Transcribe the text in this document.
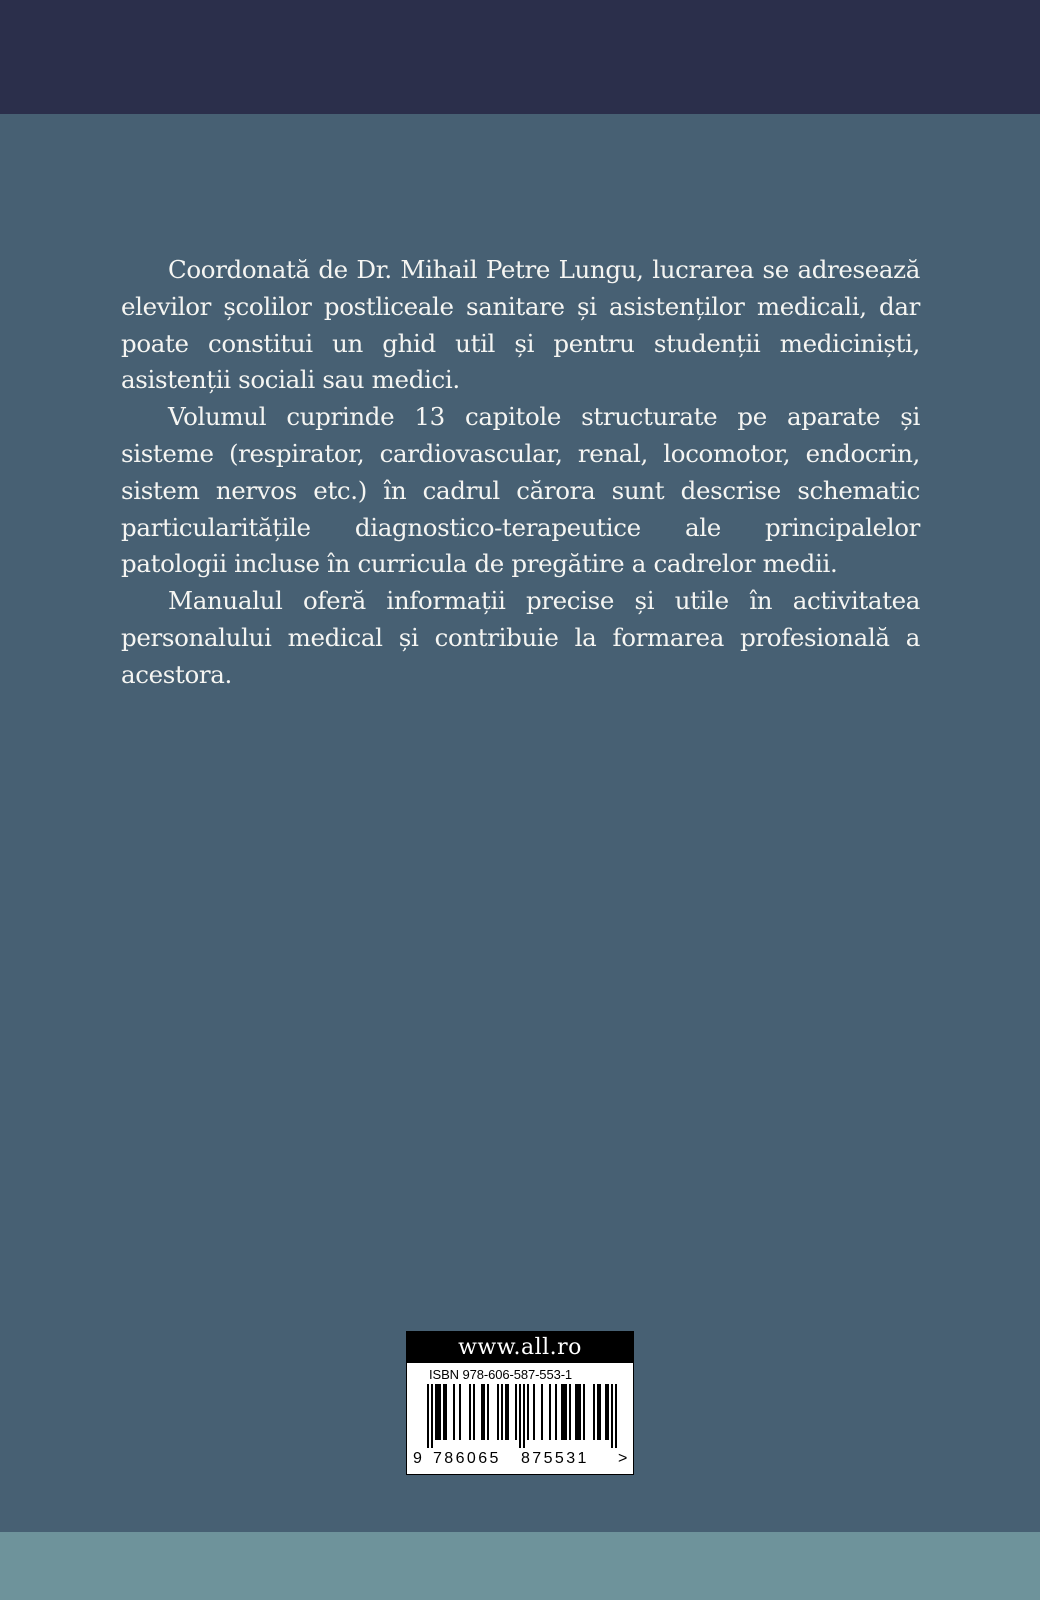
Coordonată de Dr. Mihail Petre Lungu, lucrarea se adresează elevilor școlilor postliceale sanitare și asistenților medicali, dar poate constitui un ghid util și pentru studenții mediciniști, asistenții sociali sau medici.

Volumul cuprinde 13 capitole structurate pe aparate și sisteme (respirator, cardiovascular, renal, locomotor, endocrin, sistem nervos etc.) în cadrul cărora sunt descrise schematic particularitățile diagnostico-terapeutice ale principalelor patologii incluse în curricula de pregătire a cadrelor medii.

Manualul oferă informații precise și utile în activitatea personalului medical și contribuie la formarea profesională a acestora.

www.all.ro
ISBN 978-606-587-553-1
9 786065 875531 >
